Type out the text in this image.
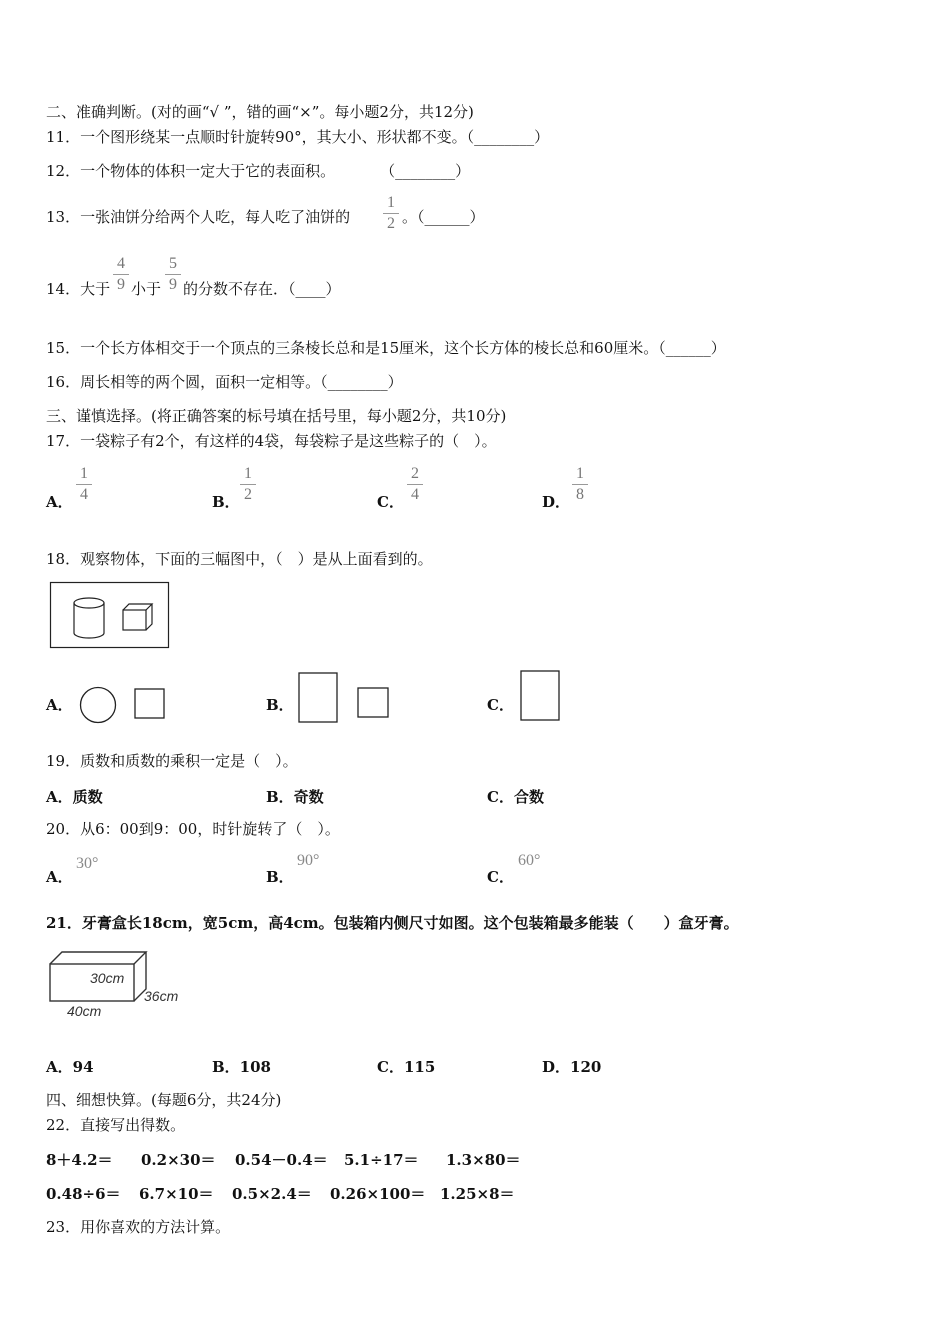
二、准确判断。(对的画“√ ”，错的画“×”。每小题2分，共12分)
11．一个图形绕某一点顺时针旋转90°，其大小、形状都不变。（________）
12．一个物体的体积一定大于它的表面积。　　　　（________）
13．一张油饼分给两个人吃，每人吃了油饼的
1
2 。（______）
14．大于
4
9 小于
5
9 的分数不存在．（____）
15．一个长方体相交于一个顶点的三条棱长总和是15厘米，这个长方体的棱长总和60厘米。（______）
16．周长相等的两个圆，面积一定相等。（________）
三、谨慎选择。(将正确答案的标号填在括号里，每小题2分，共10分)
17．一袋粽子有2个，有这样的4袋，每袋粽子是这些粽子的（　）。
A．
1
4	B．
1
2	C．
2
4	D．
1
8
18．观察物体，下面的三幅图中，（　）是从上面看到的。
A．	B．	C．
19．质数和质数的乘积一定是（　）。
A．质数	B．奇数	C．合数
20．从6：00到9：00，时针旋转了（　）。
A．
30°
B．
90°
C．
60°
21．牙膏盒长18cm，宽5cm，高4cm。包装箱内侧尺寸如图。这个包装箱最多能装（　　）盒牙膏。
30cm
36cm
40cm
A．94	B．108	C．115	D．120
四、细想快算。(每题6分，共24分)
22．直接写出得数。
8＋4.2＝ 0.2×30＝ 0.54－0.4＝ 5.1÷17＝ 1.3×80＝
0.48÷6＝ 6.7×10＝ 0.5×2.4＝ 0.26×100＝ 1.25×8＝
23．用你喜欢的方法计算。
